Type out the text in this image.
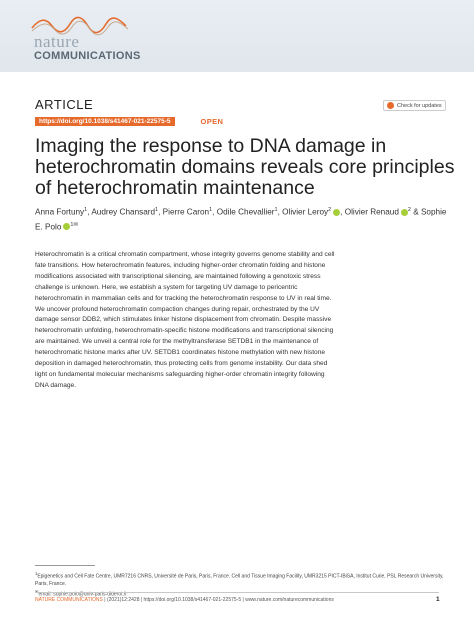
nature
COMMUNICATIONS
ARTICLE	Check for updates
https://doi.org/10.1038/s41467-021-22575-5	OPEN
Imaging the response to DNA damage in heterochromatin domains reveals core principles of heterochromatin maintenance
Anna Fortuny$^1$, Audrey Chansard$^1$, Pierre Caron$^1$, Odile Chevallier$^1$, Olivier Leroy$^2$ , Olivier Renaud $^2$ & Sophie E. Polo $^{1✉}$

Heterochromatin is a critical chromatin compartment, whose integrity governs genome stability and cell fate transitions. How heterochromatin features, including higher-order chromatin folding and histone modifications associated with transcriptional silencing, are maintained following a genotoxic stress challenge is unknown. Here, we establish a system for targeting UV damage to pericentric heterochromatin in mammalian cells and for tracking the heterochromatin response to UV in real time. We uncover profound heterochromatin compaction changes during repair, orchestrated by the UV damage sensor DDB2, which stimulates linker histone displacement from chromatin. Despite massive heterochromatin unfolding, heterochromatin-specific histone modifications and transcriptional silencing are maintained. We unveil a central role for the methyltransferase SETDB1 in the maintenance of heterochromatic histone marks after UV. SETDB1 coordinates histone methylation with new histone deposition in damaged heterochromatin, thus protecting cells from genome instability. Our data shed light on fundamental molecular mechanisms safeguarding higher-order chromatin integrity following DNA damage.

$^1$Epigenetics and Cell Fate Centre, UMR7216 CNRS, Université de Paris, Paris, France. Cell and Tissue Imaging Facility, UMR3215 PICT-IBiSA, Institut Curie, PSL Research University, Paris, France.
✉email: sophie.polo@univ-paris-diderot.fr
NATURE COMMUNICATIONS | (2021)12:2428 | https://doi.org/10.1038/s41467-021-22575-5 | www.nature.com/naturecommunications	1
